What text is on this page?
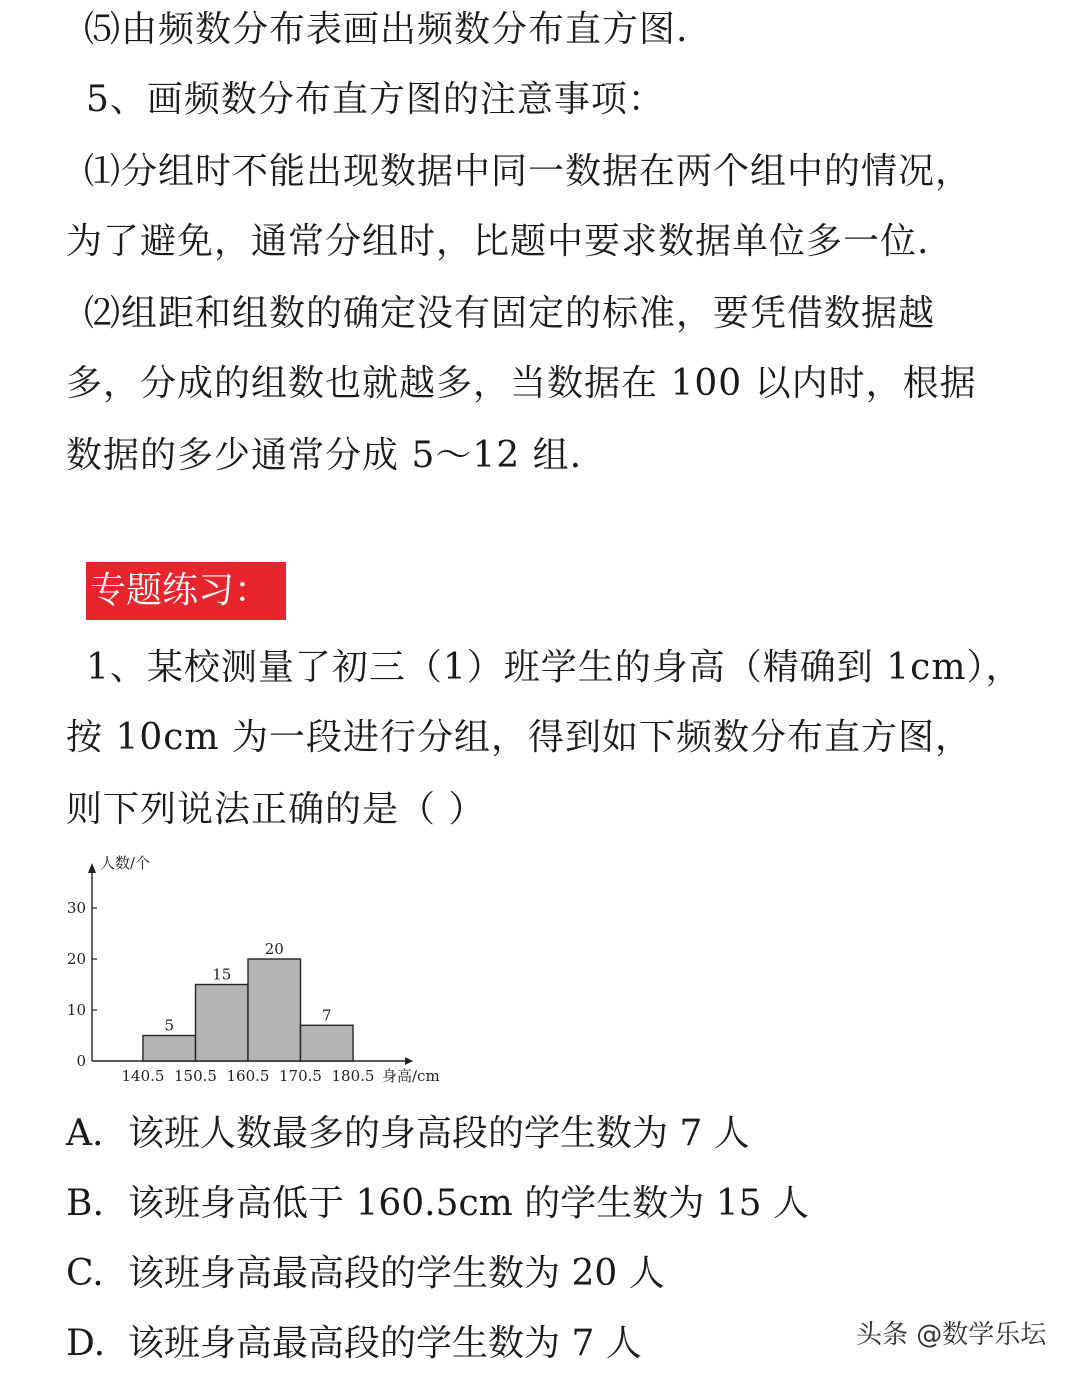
⑸由频数分布表画出频数分布直方图.
5、画频数分布直方图的注意事项：
⑴分组时不能出现数据中同一数据在两个组中的情况，
为了避免，通常分组时，比题中要求数据单位多一位.
⑵组距和组数的确定没有固定的标准，要凭借数据越
多，分成的组数也就越多，当数据在 100 以内时，根据
数据的多少通常分成 5～12 组.
专题练习：
1、某校测量了初三（1）班学生的身高（精确到 1cm），
按 10cm 为一段进行分组，得到如下频数分布直方图，
则下列说法正确的是（ ）
0
10
20
30
5
15
20
7
140.5 150.5 160.5 170.5 180.5 身高/cm
人数/个
A. 该班人数最多的身高段的学生数为 7 人
B. 该班身高低于 160.5cm 的学生数为 15 人
C. 该班身高最高段的学生数为 20 人
D. 该班身高最高段的学生数为 7 人	头条 @数学乐坛
